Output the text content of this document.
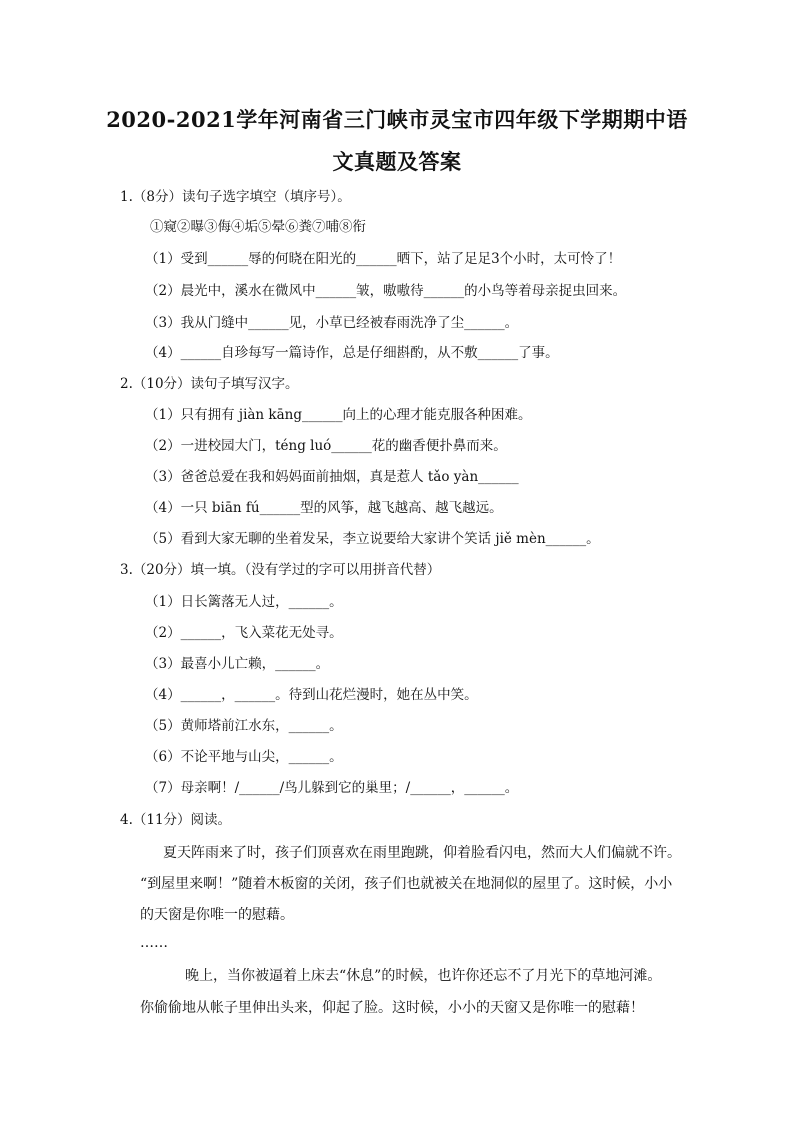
2020-2021学年河南省三门峡市灵宝市四年级下学期期中语
文真题及答案
1.（8分）读句子选字填空（填序号）。
①窥②曝③侮④垢⑤晕⑥粪⑦哺⑧衔
（1）受到______辱的何晓在阳光的______晒下，站了足足3个小时，太可怜了！
（2）晨光中，溪水在微风中______皱，嗷嗷待______的小鸟等着母亲捉虫回来。
（3）我从门缝中______见，小草已经被春雨洗净了尘______。
（4）______自珍每写一篇诗作，总是仔细斟酌，从不敷______了事。
2.（10分）读句子填写汉字。
（1）只有拥有 jiàn kāng______向上的心理才能克服各种困难。
（2）一进校园大门，téng luó______花的幽香便扑鼻而来。
（3）爸爸总爱在我和妈妈面前抽烟，真是惹人 tǎo yàn______
（4）一只 biān fú______型的风筝，越飞越高、越飞越远。
（5）看到大家无聊的坐着发呆，李立说要给大家讲个笑话 jiě mèn______。
3.（20分）填一填。（没有学过的字可以用拼音代替）
（1）日长篱落无人过，______。
（2）______，飞入菜花无处寻。
（3）最喜小儿亡赖，______。
（4）______，______。待到山花烂漫时，她在丛中笑。
（5）黄师塔前江水东，______。
（6）不论平地与山尖，______。
（7）母亲啊！/______/鸟儿躲到它的巢里；/______，______。
4.（11分）阅读。
夏天阵雨来了时，孩子们顶喜欢在雨里跑跳，仰着脸看闪电，然而大人们偏就不许。
“到屋里来啊！”随着木板窗的关闭，孩子们也就被关在地洞似的屋里了。这时候，小小
的天窗是你唯一的慰藉。
……
晚上，当你被逼着上床去“休息”的时候，也许你还忘不了月光下的草地河滩。
你偷偷地从帐子里伸出头来，仰起了脸。这时候，小小的天窗又是你唯一的慰藉！
